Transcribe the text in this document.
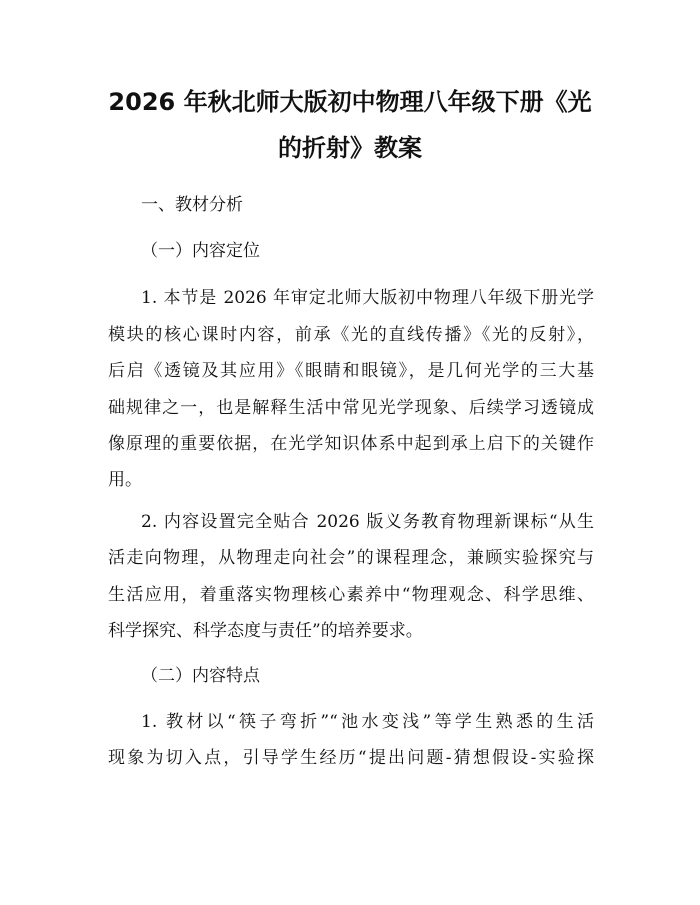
2026 年秋北师大版初中物理八年级下册《光
的折射》教案
一、教材分析
（一）内容定位
1. 本节是 2026 年审定北师大版初中物理八年级下册光学
模块的核心课时内容，前承《光的直线传播》《光的反射》，
后启《透镜及其应用》《眼睛和眼镜》，是几何光学的三大基
础规律之一，也是解释生活中常见光学现象、后续学习透镜成
像原理的重要依据，在光学知识体系中起到承上启下的关键作
用。
2. 内容设置完全贴合 2026 版义务教育物理新课标“从生
活走向物理，从物理走向社会”的课程理念，兼顾实验探究与
生活应用，着重落实物理核心素养中“物理观念、科学思维、
科学探究、科学态度与责任”的培养要求。
（二）内容特点
1. 教材以“筷子弯折”“池水变浅”等学生熟悉的生活
现象为切入点，引导学生经历“提出问题-猜想假设-实验探
